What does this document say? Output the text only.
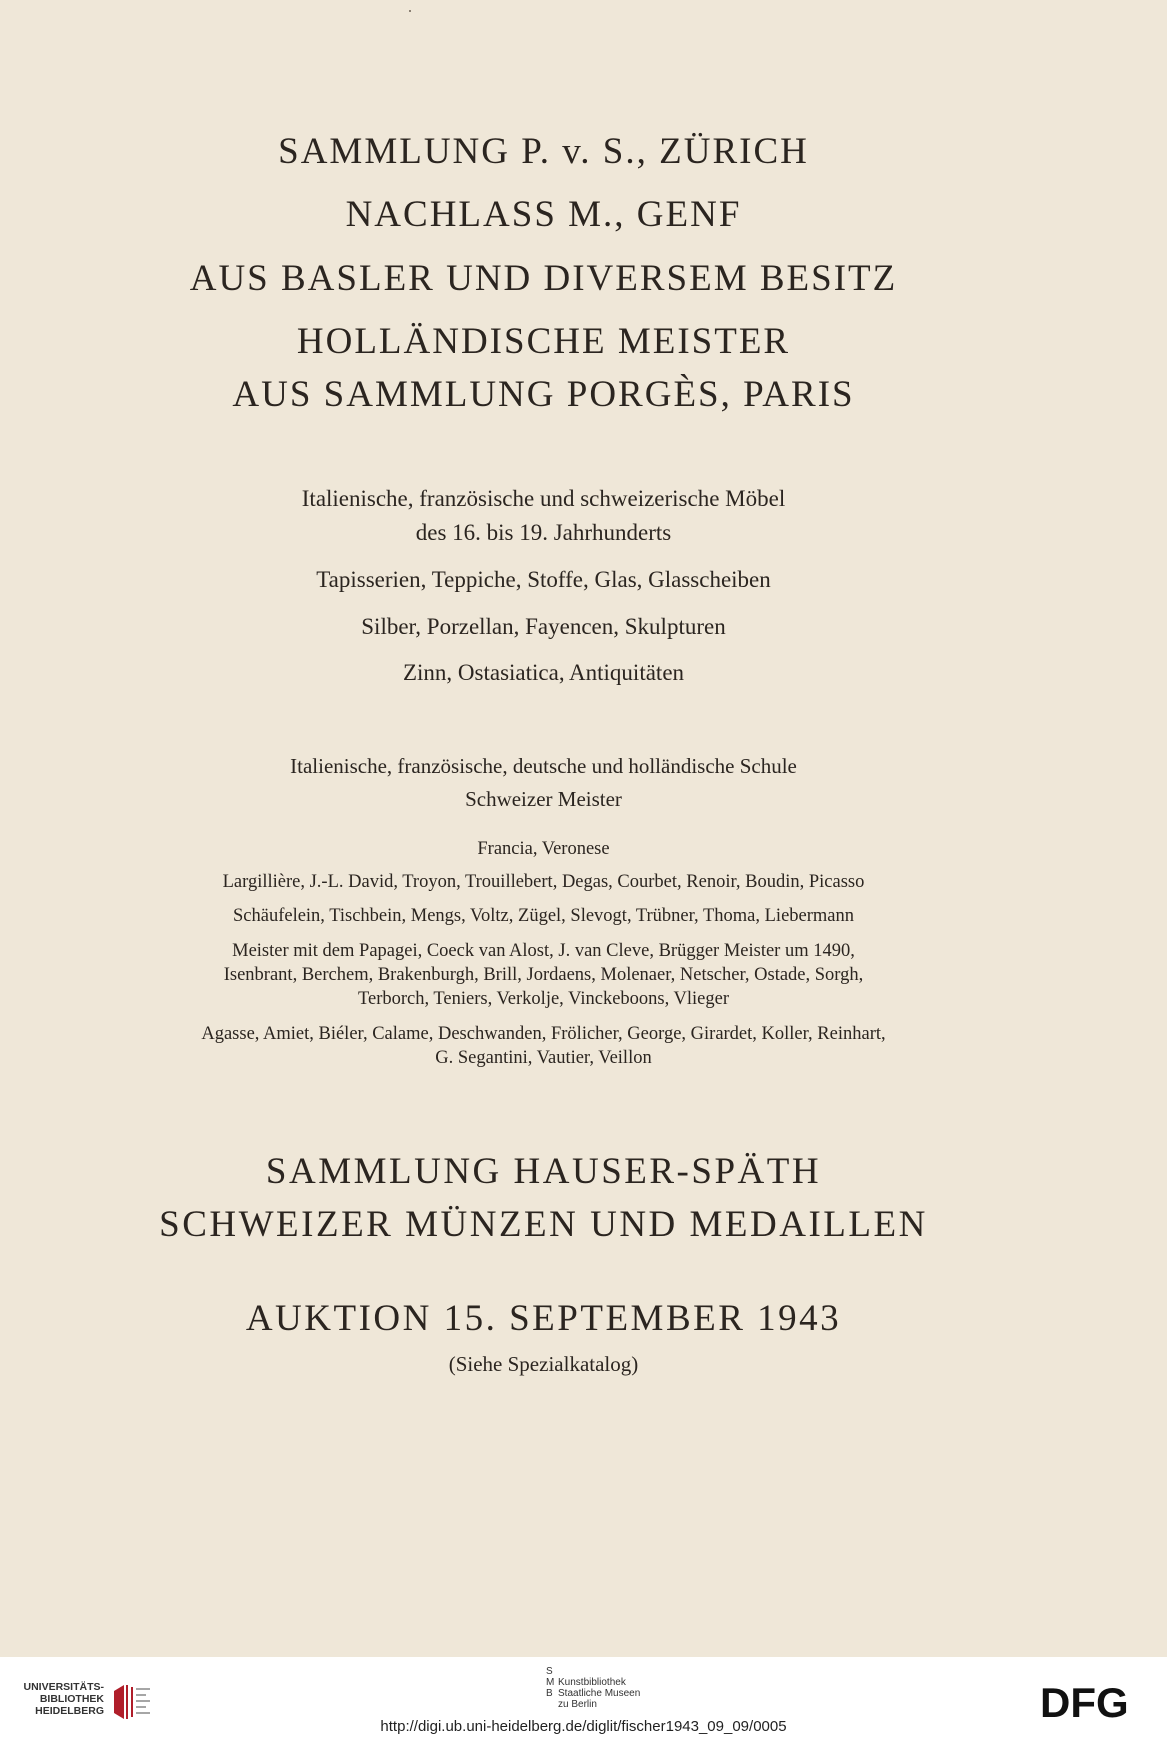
SAMMLUNG P. v. S., ZÜRICH
NACHLASS M., GENF
AUS BASLER UND DIVERSEM BESITZ
HOLLÄNDISCHE MEISTER
AUS SAMMLUNG PORGÈS, PARIS
Italienische, französische und schweizerische Möbel
des 16. bis 19. Jahrhunderts
Tapisserien, Teppiche, Stoffe, Glas, Glasscheiben
Silber, Porzellan, Fayencen, Skulpturen
Zinn, Ostasiatica, Antiquitäten
Italienische, französische, deutsche und holländische Schule
Schweizer Meister
Francia, Veronese
Largillière, J.-L. David, Troyon, Trouillebert, Degas, Courbet, Renoir, Boudin, Picasso
Schäufelein, Tischbein, Mengs, Voltz, Zügel, Slevogt, Trübner, Thoma, Liebermann
Meister mit dem Papagei, Coeck van Alost, J. van Cleve, Brügger Meister um 1490,
Isenbrant, Berchem, Brakenburgh, Brill, Jordaens, Molenaer, Netscher, Ostade, Sorgh,
Terborch, Teniers, Verkolje, Vinckeboons, Vlieger
Agasse, Amiet, Biéler, Calame, Deschwanden, Frölicher, George, Girardet, Koller, Reinhart,
G. Segantini, Vautier, Veillon
SAMMLUNG HAUSER-SPÄTH
SCHWEIZER MÜNZEN UND MEDAILLEN
AUKTION 15. SEPTEMBER 1943
(Siehe Spezialkatalog)
UNIVERSITÄTS-
BIBLIOTHEK
HEIDELBERG
S M
B
Kunstbibliothek
Staatliche Museen
zu Berlin	DFG
http://digi.ub.uni-heidelberg.de/diglit/fischer1943_09_09/0005
